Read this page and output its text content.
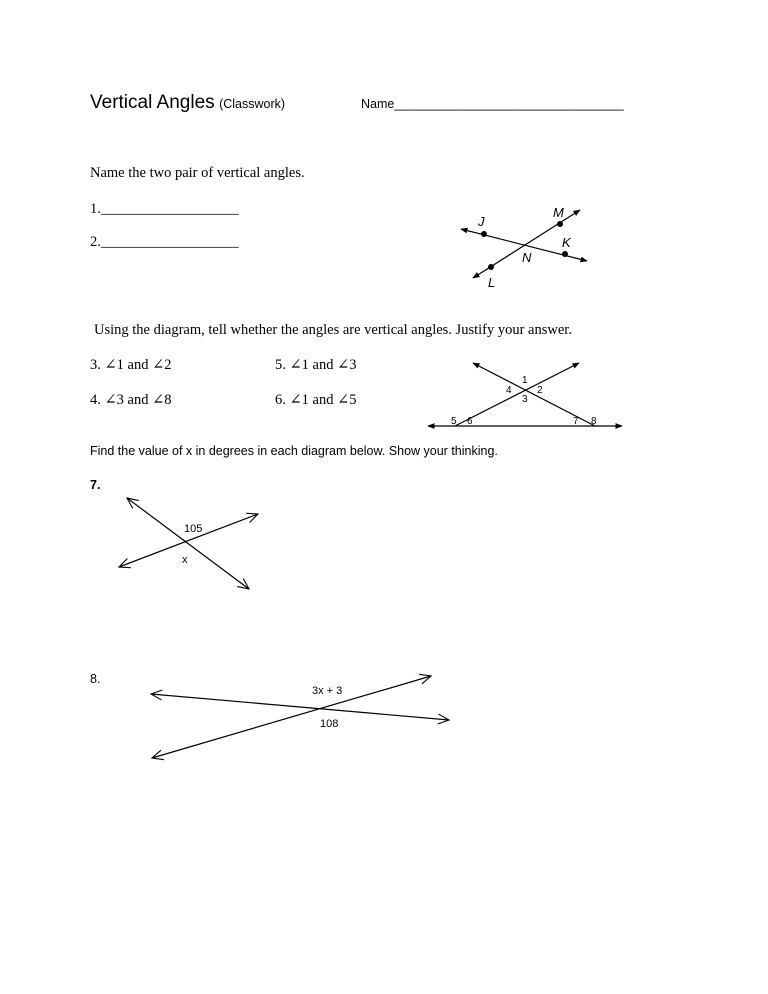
Vertical Angles (Classwork)	Name_________________________________
Name the two pair of vertical angles.
1.___________________
2.___________________
J
M
K
N
L
Using the diagram, tell whether the angles are vertical angles. Justify your answer.
3. ∠1 and ∠2	5. ∠1 and ∠3
4. ∠3 and ∠8	6. ∠1 and ∠5
1
2
3
4
5 6	7 8
Find the value of x in degrees in each diagram below. Show your thinking.
7.
8.
105
x
3x + 3
108
